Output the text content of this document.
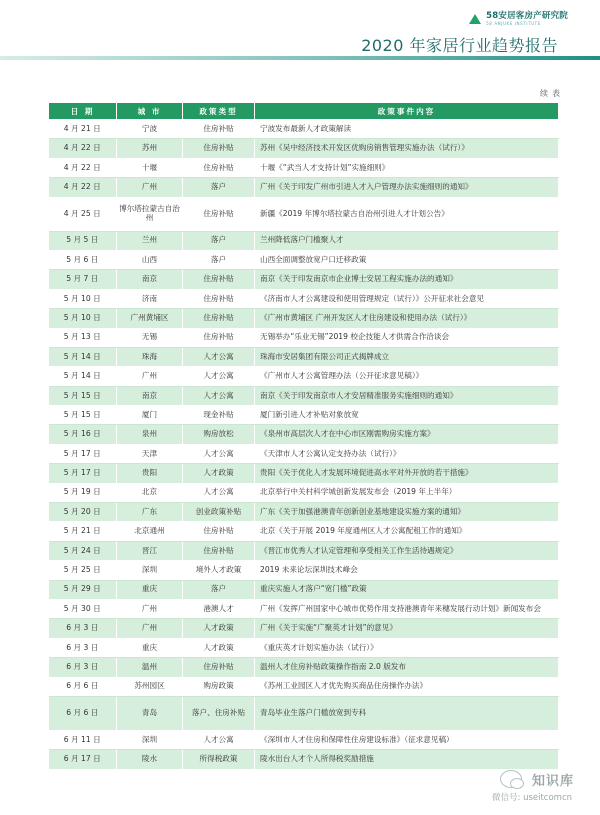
58安居客房产研究院
58 ANJUKE INSTITUTE
2020 年家居行业趋势报告
续表
日 期	城 市	政策类型	政策事件内容
4 月 21 日	宁波	住房补贴	宁波发布最新人才政策解读
4 月 22 日	苏州	住房补贴	苏州《吴中经济技术开发区优购房销售管理实施办法（试行）》
4 月 22 日	十堰	住房补贴	十堰《“武当人才支持计划”实施细则》
4 月 22 日	广州	落户	广州《关于印发广州市引进人才入户管理办法实施细则的通知》
4 月 25 日	博尔塔拉蒙古自治州	住房补贴	新疆《2019 年博尔塔拉蒙古自治州引进人才计划公告》
5 月 5 日	兰州	落户	兰州降低落户门槛聚人才
5 月 6 日	山西	落户	山西全面调整放宽户口迁移政策
5 月 7 日	南京	住房补贴	南京《关于印发南京市企业博士安居工程实施办法的通知》
5 月 10 日	济南	住房补贴	《济南市人才公寓建设和使用管理规定（试行）》公开征求社会意见
5 月 10 日	广州黄埔区	住房补贴	《广州市黄埔区 广州开发区人才住房建设和使用办法（试行）》
5 月 13 日	无锡	住房补贴	无锡举办“乐业无锡”2019 校企技能人才供需合作洽谈会
5 月 14 日	珠海	人才公寓	珠海市安居集团有限公司正式揭牌成立
5 月 14 日	广州	人才公寓	《广州市人才公寓管理办法（公开征求意见稿）》
5 月 15 日	南京	人才公寓	南京《关于印发南京市人才安居精准服务实施细则的通知》
5 月 15 日	厦门	现金补贴	厦门新引进人才补贴对象放宽
5 月 16 日	泉州	购房放松	《泉州市高层次人才在中心市区刚需购房实施方案》
5 月 17 日	天津	人才公寓	《天津市人才公寓认定支持办法（试行）》
5 月 17 日	贵阳	人才政策	贵阳《关于优化人才发展环境促进高水平对外开放的若干措施》
5 月 19 日	北京	人才公寓	北京举行中关村科学城创新发展发布会（2019 年上半年）
5 月 20 日	广东	创业政策补贴	广东《关于加强港澳青年创新创业基地建设实施方案的通知》
5 月 21 日	北京通州	住房补贴	北京《关于开展 2019 年度通州区人才公寓配租工作的通知》
5 月 24 日	晋江	住房补贴	《晋江市优秀人才认定管理和享受相关工作生活待遇规定》
5 月 25 日	深圳	境外人才政策	2019 未来论坛深圳技术峰会
5 月 29 日	重庆	落户	重庆实施人才落户“宽门槛”政策
5 月 30 日	广州	港澳人才	广州《发挥广州国家中心城市优势作用支持港澳青年来穗发展行动计划》新闻发布会
6 月 3 日	广州	人才政策	广州《关于实施“广聚英才计划”的意见》
6 月 3 日	重庆	人才政策	《重庆英才计划实施办法（试行）》
6 月 3 日	温州	住房补贴	温州人才住房补贴政策操作指南 2.0 版发布
6 月 6 日	苏州园区	购房政策	《苏州工业园区人才优先购买商品住房操作办法》
6 月 6 日	青岛	落户、住房补贴	青岛毕业生落户门槛放宽到专科
6 月 11 日	深圳	人才公寓	《深圳市人才住房和保障性住房建设标准》（征求意见稿）
6 月 17 日	陵水	所得税政策	陵水出台人才个人所得税奖励措施
知识库
微信号: useitcomcn
